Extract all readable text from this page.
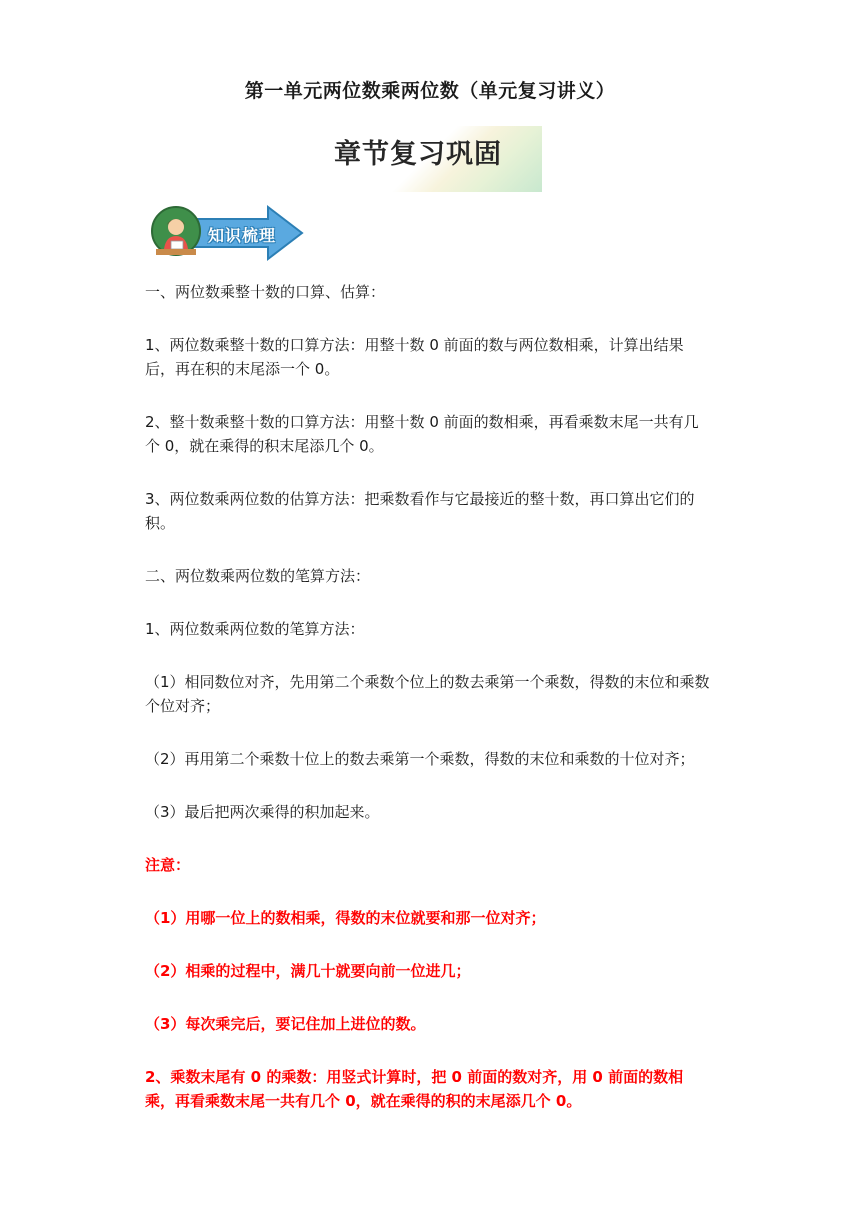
第一单元两位数乘两位数（单元复习讲义）
章节复习巩固
知识梳理

一、两位数乘整十数的口算、估算：

1、两位数乘整十数的口算方法：用整十数 0 前面的数与两位数相乘，计算出结果后，再在积的末尾添一个 0。

2、整十数乘整十数的口算方法：用整十数 0 前面的数相乘，再看乘数末尾一共有几个 0，就在乘得的积末尾添几个 0。

3、两位数乘两位数的估算方法：把乘数看作与它最接近的整十数，再口算出它们的积。

二、两位数乘两位数的笔算方法：

1、两位数乘两位数的笔算方法：

（1）相同数位对齐，先用第二个乘数个位上的数去乘第一个乘数，得数的末位和乘数个位对齐；

（2）再用第二个乘数十位上的数去乘第一个乘数，得数的末位和乘数的十位对齐；

（3）最后把两次乘得的积加起来。

注意：

（1）用哪一位上的数相乘，得数的末位就要和那一位对齐；

（2）相乘的过程中，满几十就要向前一位进几；

（3）每次乘完后，要记住加上进位的数。

2、乘数末尾有 0 的乘数：用竖式计算时，把 0 前面的数对齐，用 0 前面的数相乘，再看乘数末尾一共有几个 0，就在乘得的积的末尾添几个 0。
